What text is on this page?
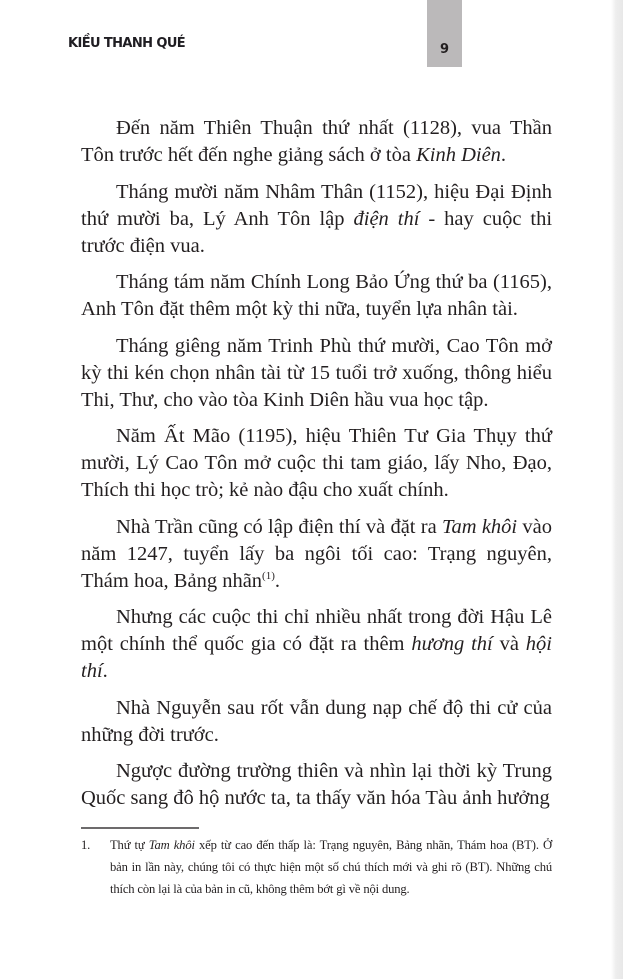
KIỀU THANH QUÉ	9

Đến năm Thiên Thuận thứ nhất (1128), vua Thần Tôn trước hết đến nghe giảng sách ở tòa Kinh Diên.

Tháng mười năm Nhâm Thân (1152), hiệu Đại Định thứ mười ba, Lý Anh Tôn lập điện thí - hay cuộc thi trước điện vua.

Tháng tám năm Chính Long Bảo Ứng thứ ba (1165), Anh Tôn đặt thêm một kỳ thi nữa, tuyển lựa nhân tài.

Tháng giêng năm Trinh Phù thứ mười, Cao Tôn mở kỳ thi kén chọn nhân tài từ 15 tuổi trở xuống, thông hiểu Thi, Thư, cho vào tòa Kinh Diên hầu vua học tập.

Năm Ất Mão (1195), hiệu Thiên Tư Gia Thụy thứ mười, Lý Cao Tôn mở cuộc thi tam giáo, lấy Nho, Đạo, Thích thi học trò; kẻ nào đậu cho xuất chính.

Nhà Trần cũng có lập điện thí và đặt ra Tam khôi vào năm 1247, tuyển lấy ba ngôi tối cao: Trạng nguyên, Thám hoa, Bảng nhãn$^{(1)}$.

Nhưng các cuộc thi chỉ nhiều nhất trong đời Hậu Lê một chính thể quốc gia có đặt ra thêm hương thí và hội thí.

Nhà Nguyễn sau rốt vẫn dung nạp chế độ thi cử của những đời trước.

Ngược đường trường thiên và nhìn lại thời kỳ Trung Quốc sang đô hộ nước ta, ta thấy văn hóa Tàu ảnh hưởng

1.	Thứ tự Tam khôi xếp từ cao đến thấp là: Trạng nguyên, Bảng nhãn, Thám hoa (BT). Ở bản in lần này, chúng tôi có thực hiện một số chú thích mới và ghi rõ (BT). Những chú thích còn lại là của bản in cũ, không thêm bớt gì về nội dung.
